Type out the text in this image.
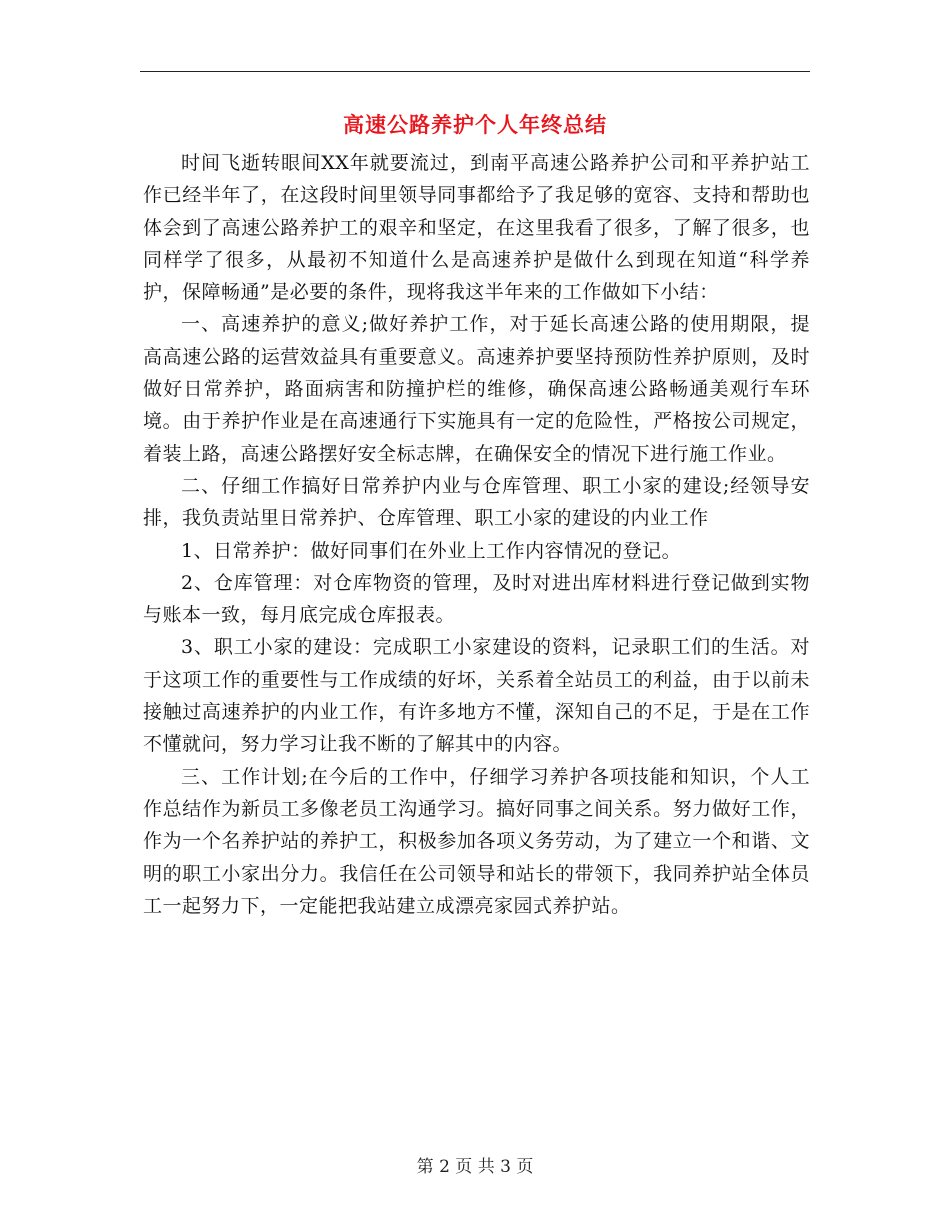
高速公路养护个人年终总结

时间飞逝转眼间XX年就要流过，到南平高速公路养护公司和平养护站工作已经半年了，在这段时间里领导同事都给予了我足够的宽容、支持和帮助也体会到了高速公路养护工的艰辛和坚定，在这里我看了很多，了解了很多，也同样学了很多，从最初不知道什么是高速养护是做什么到现在知道“科学养护，保障畅通”是必要的条件，现将我这半年来的工作做如下小结：

一、高速养护的意义;做好养护工作，对于延长高速公路的使用期限，提高高速公路的运营效益具有重要意义。高速养护要坚持预防性养护原则，及时做好日常养护，路面病害和防撞护栏的维修，确保高速公路畅通美观行车环境。由于养护作业是在高速通行下实施具有一定的危险性，严格按公司规定，着装上路，高速公路摆好安全标志牌，在确保安全的情况下进行施工作业。

二、仔细工作搞好日常养护内业与仓库管理、职工小家的建设;经领导安排，我负责站里日常养护、仓库管理、职工小家的建设的内业工作

1、日常养护：做好同事们在外业上工作内容情况的登记。

2、仓库管理：对仓库物资的管理，及时对进出库材料进行登记做到实物与账本一致，每月底完成仓库报表。

3、职工小家的建设：完成职工小家建设的资料，记录职工们的生活。对于这项工作的重要性与工作成绩的好坏，关系着全站员工的利益，由于以前未接触过高速养护的内业工作，有许多地方不懂，深知自己的不足，于是在工作不懂就问，努力学习让我不断的了解其中的内容。

三、工作计划;在今后的工作中，仔细学习养护各项技能和知识，个人工作总结作为新员工多像老员工沟通学习。搞好同事之间关系。努力做好工作，作为一个名养护站的养护工，积极参加各项义务劳动，为了建立一个和谐、文明的职工小家出分力。我信任在公司领导和站长的带领下，我同养护站全体员工一起努力下，一定能把我站建立成漂亮家园式养护站。

第 2 页 共 3 页
